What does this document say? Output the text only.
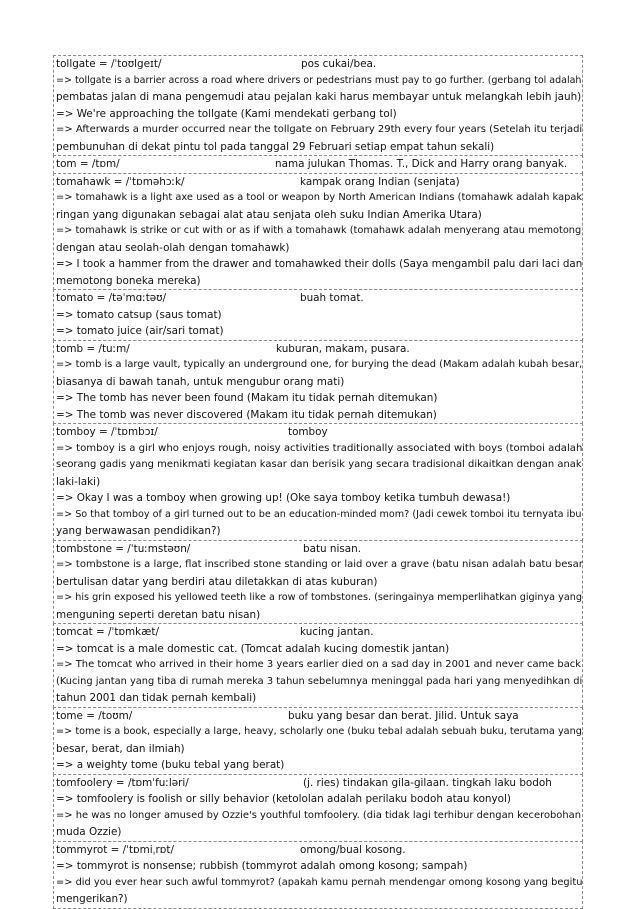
tollgate = /ˈtoʊlgeɪt/	pos cukai/bea.
=> tollgate is a barrier across a road where drivers or pedestrians must pay to go further. (gerbang tol adalah
pembatas jalan di mana pengemudi atau pejalan kaki harus membayar untuk melangkah lebih jauh)
=> We're approaching the tollgate (Kami mendekati gerbang tol)
=> Afterwards a murder occurred near the tollgate on February 29th every four years (Setelah itu terjadi
pembunuhan di dekat pintu tol pada tanggal 29 Februari setiap empat tahun sekali)
tom = /tɒm/	nama julukan Thomas. T., Dick and Harry orang banyak.
tomahawk = /ˈtɒməhɔːk/	kampak orang Indian (senjata)
=> tomahawk is a light axe used as a tool or weapon by North American Indians (tomahawk adalah kapak
ringan yang digunakan sebagai alat atau senjata oleh suku Indian Amerika Utara)
=> tomahawk is strike or cut with or as if with a tomahawk (tomahawk adalah menyerang atau memotong
dengan atau seolah-olah dengan tomahawk)
=> I took a hammer from the drawer and tomahawked their dolls (Saya mengambil palu dari laci dan
memotong boneka mereka)
tomato = /təˈmɑːtəʊ/	buah tomat.
=> tomato catsup (saus tomat)
=> tomato juice (air/sari tomat)
tomb = /tuːm/	kuburan, makam, pusara.
=> tomb is a large vault, typically an underground one, for burying the dead (Makam adalah kubah besar,
biasanya di bawah tanah, untuk mengubur orang mati)
=> The tomb has never been found (Makam itu tidak pernah ditemukan)
=> The tomb was never discovered (Makam itu tidak pernah ditemukan)
tomboy = /ˈtɒmbɔɪ/	tomboy
=> tomboy is a girl who enjoys rough, noisy activities traditionally associated with boys (tomboi adalah
seorang gadis yang menikmati kegiatan kasar dan berisik yang secara tradisional dikaitkan dengan anak
laki-laki)
=> Okay I was a tomboy when growing up! (Oke saya tomboy ketika tumbuh dewasa!)
=> So that tomboy of a girl turned out to be an education-minded mom? (Jadi cewek tomboi itu ternyata ibu
yang berwawasan pendidikan?)
tombstone = /ˈtuːmstəʊn/	batu nisan.
=> tombstone is a large, flat inscribed stone standing or laid over a grave (batu nisan adalah batu besar
bertulisan datar yang berdiri atau diletakkan di atas kuburan)
=> his grin exposed his yellowed teeth like a row of tombstones. (seringainya memperlihatkan giginya yang
menguning seperti deretan batu nisan)
tomcat = /ˈtɒmkæt/	kucing jantan.
=> tomcat is a male domestic cat. (Tomcat adalah kucing domestik jantan)
=> The tomcat who arrived in their home 3 years earlier died on a sad day in 2001 and never came back
(Kucing jantan yang tiba di rumah mereka 3 tahun sebelumnya meninggal pada hari yang menyedihkan di
tahun 2001 dan tidak pernah kembali)
tome = /toʊm/	buku yang besar dan berat. Jilid. Untuk saya
=> tome is a book, especially a large, heavy, scholarly one (buku tebal adalah sebuah buku, terutama yang
besar, berat, dan ilmiah)
=> a weighty tome (buku tebal yang berat)
tomfoolery = /tɒmˈfuːləri/	(j. ries) tindakan gila-gilaan. tingkah laku bodoh
=> tomfoolery is foolish or silly behavior (ketololan adalah perilaku bodoh atau konyol)
=> he was no longer amused by Ozzie's youthful tomfoolery. (dia tidak lagi terhibur dengan kecerobohan
muda Ozzie)
tommyrot = /ˈtɒmiˌrɒt/	omong/bual kosong.
=> tommyrot is nonsense; rubbish (tommyrot adalah omong kosong; sampah)
=> did you ever hear such awful tommyrot? (apakah kamu pernah mendengar omong kosong yang begitu
mengerikan?)
